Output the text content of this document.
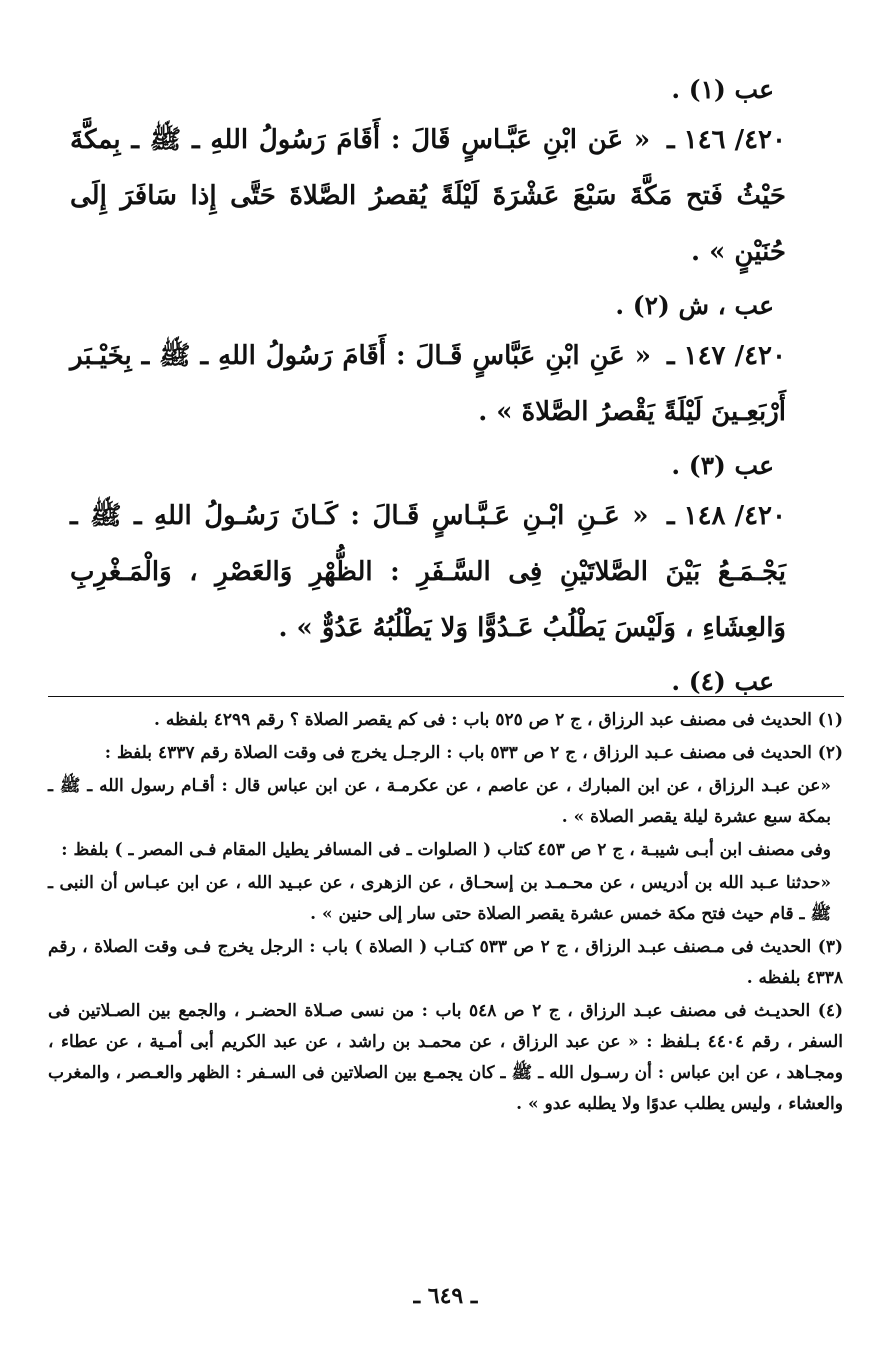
عب (١) .

٤٢٠/ ١٤٦ ـ « عَن ابْنِ عَبَّـاسٍ قَالَ : أَقَامَ رَسُولُ اللهِ ـ ﷺ ـ بِمكَّةَ حَيْثُ فَتح مَكَّةَ سَبْعَ عَشْرَةَ لَيْلَةً يُقصرُ الصَّلاةَ حَتَّى إِذا سَافَرَ إِلَى حُنَيْنٍ » .

عب ، ش (٢) .

٤٢٠/ ١٤٧ ـ « عَنِ ابْنِ عَبَّاسٍ قَـالَ : أَقَامَ رَسُولُ اللهِ ـ ﷺ ـ بِخَيْـبَر أَرْبَعِـينَ لَيْلَةً يَقْصرُ الصَّلاةَ » .

عب (٣) .

٤٢٠/ ١٤٨ ـ « عَـنِ ابْـنِ عَـبَّـاسٍ قَـالَ : كَـانَ رَسُـولُ اللهِ ـ ﷺ ـ يَجْـمَـعُ بَيْنَ الصَّلاتَيْنِ فِى السَّـفَرِ : الظُّهْرِ وَالعَصْرِ ، وَالْمَـغْرِبِ وَالعِشَاءِ ، وَلَيْسَ يَطْلُبُ عَـدُوًّا وَلا يَطْلُبُهُ عَدُوٌّ » .

عب (٤) .

(١) الحديث فى مصنف عبد الرزاق ، ج ٢ ص ٥٢٥ باب : فى كم يقصر الصلاة ؟ رقم ٤٢٩٩ بلفظه .

(٢) الحديث فى مصنف عـبد الرزاق ، ج ٢ ص ٥٣٣ باب : الرجـل يخرج فى وقت الصلاة رقم ٤٣٣٧ بلفظ :

«عن عبـد الرزاق ، عن ابن المبارك ، عن عاصم ، عن عكرمـة ، عن ابن عباس قال : أقـام رسول الله ـ ﷺ ـ بمكة سبع عشرة ليلة يقصر الصلاة » .

وفى مصنف ابن أبـى شيبـة ، ج ٢ ص ٤٥٣ كتاب ( الصلوات ـ فى المسافر يطيل المقام فـى المصر ـ ) بلفظ :

«حدثنا عـبد الله بن أدريس ، عن محـمـد بن إسحـاق ، عن الزهرى ، عن عبـيد الله ، عن ابن عبـاس أن النبى ـ ﷺ ـ قام حيث فتح مكة خمس عشرة يقصر الصلاة حتى سار إلى حنين » .

(٣) الحديث فى مـصنف عبـد الرزاق ، ج ٢ ص ٥٣٣ كتـاب ( الصلاة ) باب : الرجل يخرج فـى وقت الصلاة ، رقم ٤٣٣٨ بلفظه .

(٤) الحديـث فى مصنف عبـد الرزاق ، ج ٢ ص ٥٤٨ باب : من نسى صـلاة الحضـر ، والجمع بين الصـلاتين فى السفر ، رقم ٤٤٠٤ بـلفظ : « عن عبد الرزاق ، عن محمـد بن راشد ، عن عبد الكريم أبى أمـية ، عن عطاء ، ومجـاهد ، عن ابن عباس : أن رسـول الله ـ ﷺ ـ كان يجمـع بين الصلاتين فى السـفر : الظهر والعـصر ، والمغرب والعشاء ، وليس يطلب عدوًا ولا يطلبه عدو » .

ـ ٦٤٩ ـ
